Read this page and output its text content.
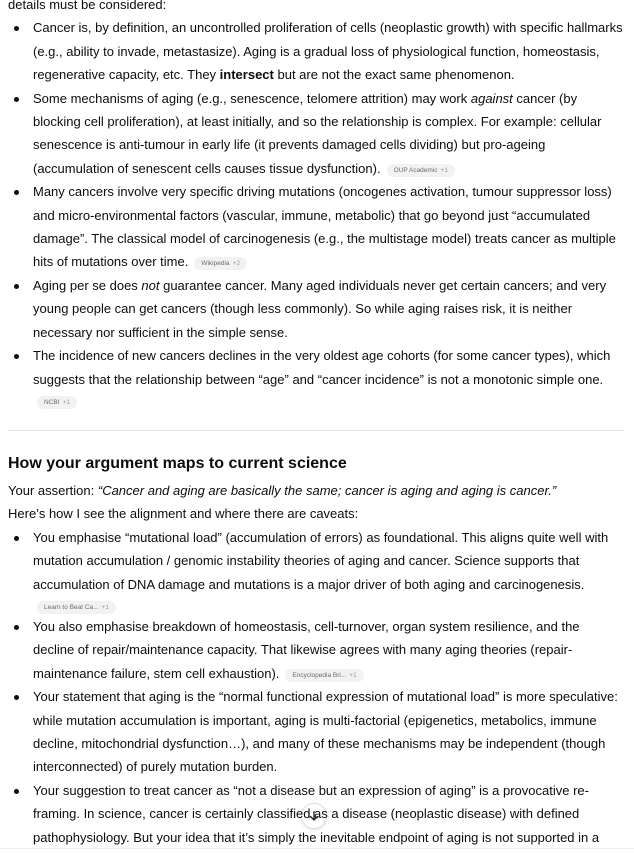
details must be considered:

Cancer is, by definition, an uncontrolled proliferation of cells (neoplastic growth) with specific hallmarks (e.g., ability to invade, metastasize). Aging is a gradual loss of physiological function, homeostasis, regenerative capacity, etc. They intersect but are not the exact same phenomenon.
Some mechanisms of aging (e.g., senescence, telomere attrition) may work against cancer (by blocking cell proliferation), at least initially, and so the relationship is complex. For example: cellular senescence is anti-tumour in early life (it prevents damaged cells dividing) but pro-ageing (accumulation of senescent cells causes tissue dysfunction). OUP Academic +1
Many cancers involve very specific driving mutations (oncogenes activation, tumour suppressor loss) and micro-environmental factors (vascular, immune, metabolic) that go beyond just “accumulated damage”. The classical model of carcinogenesis (e.g., the multistage model) treats cancer as multiple hits of mutations over time. Wikipedia +2
Aging per se does not guarantee cancer. Many aged individuals never get certain cancers; and very young people can get cancers (though less commonly). So while aging raises risk, it is neither necessary nor sufficient in the simple sense.
The incidence of new cancers declines in the very oldest age cohorts (for some cancer types), which suggests that the relationship between “age” and “cancer incidence” is not a monotonic simple one.
NCBI +1
How your argument maps to current science

Your assertion: “Cancer and aging are basically the same; cancer is aging and aging is cancer.”

Here’s how I see the alignment and where there are caveats:

You emphasise “mutational load” (accumulation of errors) as foundational. This aligns quite well with mutation accumulation / genomic instability theories of aging and cancer. Science supports that accumulation of DNA damage and mutations is a major driver of both aging and carcinogenesis.
Learn to Beat Ca... +1
You also emphasise breakdown of homeostasis, cell-turnover, organ system resilience, and the decline of repair/maintenance capacity. That likewise agrees with many aging theories (repair-maintenance failure, stem cell exhaustion). Encyclopedia Bri... +1
Your statement that aging is the “normal functional expression of mutational load” is more speculative: while mutation accumulation is important, aging is multi-factorial (epigenetics, metabolics, immune decline, mitochondrial dysfunction…), and many of these mechanisms may be independent (though interconnected) of purely mutation burden.
Your suggestion to treat cancer as “not a disease but an expression of aging” is a provocative re-framing. In science, cancer is certainly classified as a disease (neoplastic disease) with defined pathophysiology. But your idea that it’s simply the inevitable endpoint of aging is not supported in a
